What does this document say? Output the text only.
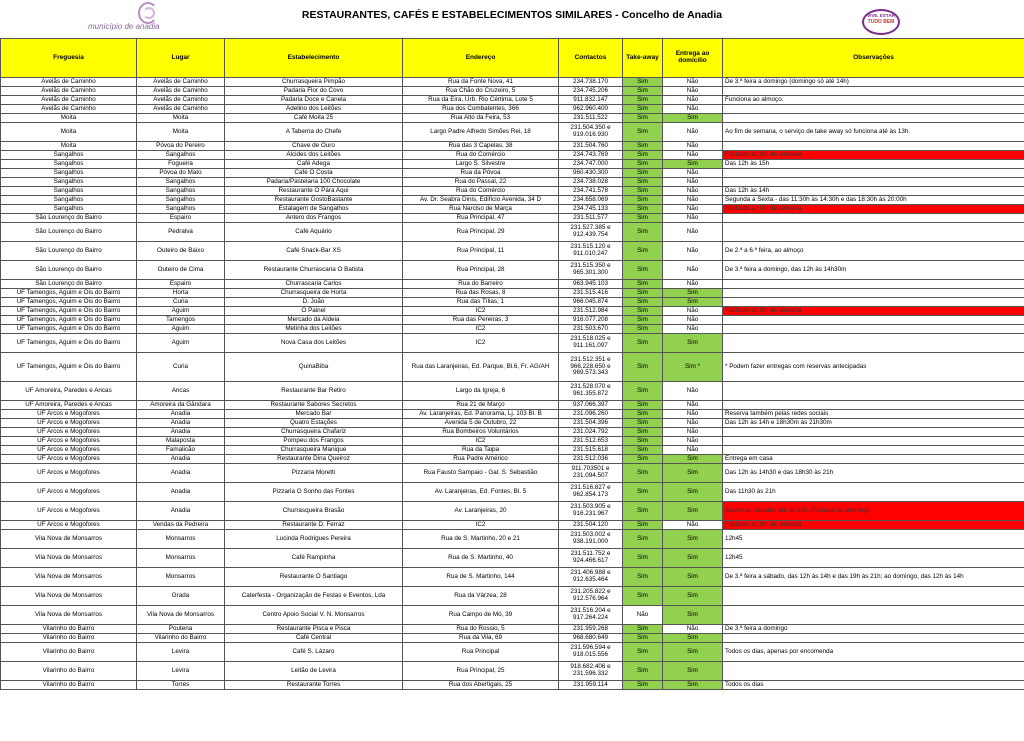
município de anadia
RESTAURANTES, CAFÉS E ESTABELECIMENTOS SIMILARES - Concelho de Anadia	VIVE, ESTAR
TUDO BEM
Freguesia	Lugar	Estabelecimento	Endereço	Contactos	Take-away	Entrega ao domicílio	Observações
Avelãs de Caminho	Avelãs de Caminho	Churrasqueira Pimpão	Rua da Fonte Nova, 41	234.738.170	Sim	Não	De 3.ª feira a domingo (domingo só até 14h)
Avelãs de Caminho	Avelãs de Caminho	Padaria Flor do Covo	Rua Chão do Cruzeiro, 5	234.745.206	Sim	Não	
Avelãs de Caminho	Avelãs de Caminho	Padaria Doce e Canela	Rua da Eira, Urb. Rio Cértima, Lote 5	911.832.147	Sim	Não	Funciona ao almoço.
Avelãs de Caminho	Avelãs de Caminho	Adelino dos Leitões	Rua dos Combatentes, 366	962.960.400	Sim	Não	
Moita	Moita	Café Moita 25	Rua Alto da Feira, 53	231.511.522	Sim	Sim	
Moita	Moita	A Taberna do Chefe	Largo Padre Alfredo Simões Rei, 18	231.504.350 e 919.016.930	Sim	Não	Ao fim de semana, o serviço de take away só funciona até às 13h.
Moita	Póvoa do Pereiro	Chave de Ouro	Rua das 3 Capelas, 38	231.504.760	Sim	Não	
Sangalhos	Sangalhos	Alcides dos Leitões	Rua do Comércio	234.743.769	Sim	Não	Fechado ao fim de semana
Sangalhos	Fogueira	Café Adega	Largo S. Silvestre	234.747.000	Sim	Sim	Das 12h às 15h
Sangalhos	Póvoa do Mato	Café O Costa	Rua da Póvoa	960.430.300	Sim	Não	
Sangalhos	Sangalhos	Padaria/Pastelaria 100 Chocolate	Rua do Passal, 22	234.738.028	Sim	Não	
Sangalhos	Sangalhos	Restaurante O Pára Aqui	Rua do Comércio	234.741.578	Sim	Não	Das 12h às 14h
Sangalhos	Sangalhos	Restaurante GostoBastante	Av. Dr. Seabra Dinis, Edifício Avenida, 34 D	234.658.069	Sim	Não	Segunda a Sexta - das 11:30h às 14:30h e das 18:30h às 20:00h
Sangalhos	Sangalhos	Estalagem de Sangalhos	Rua Narciso de Marça	234.745.133	Sim	Não	Fechado ao fim de semana
São Lourenço do Bairro	Espairo	Antero dos Frangos	Rua Principal, 47	231.511.577	Sim	Não	
São Lourenço do Bairro	Pedralva	Café Aquário	Rua Principal, 29	231.527.385 e 912.439.754	Sim	Não	
São Lourenço do Bairro	Outeiro de Baixo	Café Snack-Bar XS	Rua Principal, 11	231.515.120 e 911.010.247	Sim	Não	De 2.ª a 6.ª feira, ao almoço
São Lourenço do Bairro	Outeiro de Cima	Restaurante Churrascaria O Batista	Rua Principal, 28	231.515.350 e 965.301.300	Sim	Não	De 3.ª feira a domingo, das 12h às 14h30m
São Lourenço do Bairro	Espairo	Churrascaria Carlos	Rua do Barreiro	963.945.103	Sim	Não	
UF Tamengos, Aguim e Óis do Bairro	Horta	Churrasqueira de Horta	Rua das Rosas, 8	231.515.416	Sim	Sim	
UF Tamengos, Aguim e Óis do Bairro	Curia	D. João	Rua das Tílias, 1	966.045.874	Sim	Sim	
UF Tamengos, Aguim e Óis do Bairro	Aguim	O Painel	IC2	231.512.984	Sim	Não	Fechado ao fim de semana
UF Tamengos, Aguim e Óis do Bairro	Tamengos	Mercado da Aldeia	Rua das Pereiras, 3	916.077.208	Sim	Não	
UF Tamengos, Aguim e Óis do Bairro	Aguim	Metinha dos Leitões	IC2	231.503.670	Sim	Não	
UF Tamengos, Aguim e Óis do Bairro	Aguim	Nova Casa dos Leitões	IC2	231.518.025 e 911.161.097	Sim	Sim	
UF Tamengos, Aguim e Óis do Bairro	Curia	QuinaBiba	Rua das Laranjeiras, Ed. Parque, Bl.6, Fr. AG/AH	231.512.351 e 966.228.650 e 969.573.343	Sim	Sim *	* Podem fazer entregas com reservas antecipadas
UF Amoreira, Paredes e Ancas	Ancas	Restaurante Bar Retiro	Largo da Igreja, 6	231.528.070 e 961.355.872	Sim	Não	
UF Amoreira, Paredes e Ancas	Amoreira da Gândara	Restaurante Sabores Secretos	Rua 21 de Março	937.066.397	Sim	Não	
UF Arcos e Mogofores	Anadia	Mercado Bar	Av. Laranjeiras, Ed. Panorama, Lj. 103 Bl. B	231.096.260	Sim	Não	Reserva também pelas redes sociais
UF Arcos e Mogofores	Anadia	Quatro Estações	Avenida 5 de Outubro, 22	231.504.396	Sim	Não	Das 12h às 14h e 18h30m às 21h30m
UF Arcos e Mogofores	Anadia	Churrasqueira Chafariz	Rua Bombeiros Voluntários	231.024.792	Sim	Não	
UF Arcos e Mogofores	Malaposta	Pompeu dos Frangos	IC2	231.512.653	Sim	Não	
UF Arcos e Mogofores	Famalicão	Churrasqueira Manique	Rua da Taipa	231.515.618	Sim	Não	
UF Arcos e Mogofores	Anadia	Restaurante Dina Queiroz	Rua Padre Américo	231.512.036	Sim	Sim	Entrega em casa
UF Arcos e Mogofores	Anadia	Pizzaria Moretti	Rua Fausto Sampaio - Gal. S. Sebastião	911.703501 e 231.094.507	Sim	Sim	Das 12h às 14h30 e das 18h30 às 21h
UF Arcos e Mogofores	Anadia	Pizzaria O Sonho das Fontes	Av. Laranjeiras, Ed. Fontes, Bl. 5	231.516.827 e 962.854.173	Sim	Sim	Das 11h30 às 21h
UF Arcos e Mogofores	Anadia	Churrasqueira Brasão	Av. Laranjeiras, 20	231.503.905 e 916.231.967	Sim	Sim	Aberto ao sábado, até às 15h. Fechado ao domingo
UF Arcos e Mogofores	Vendas da Pedreira	Restaurante D. Ferraz	IC2	231.504.120	Sim	Não	Fechado ao fim de semana
Vila Nova de Monsarros	Monsarros	Lucinda Rodrigues Pereira	Rua de S. Martinho, 20 e 21	231.503.002 e 938.191.000	Sim	Sim	12h45
Vila Nova de Monsarros	Monsarros	Café Rampinha	Rua de S. Martinho, 40	231.511.752 e 924.466.617	Sim	Sim	12h45
Vila Nova de Monsarros	Monsarros	Restaurante O Santiago	Rua de S. Martinho, 144	231.406.988 e 912.635.464	Sim	Sim	De 3.ª feira a sábado, das 12h às 14h e das 19h às 21h; ao domingo, das 12h às 14h
Vila Nova de Monsarros	Grada	Caterfesta - Organização de Festas e Eventos, Lda	Rua da Várzea, 28	231.205.822 e 912.576.964	Sim	Sim	
Vila Nova de Monsarros	Vila Nova de Monsarros	Centro Apoio Social V. N. Monsarros	Rua Campo de Mó, 39	231.516.204 e 917.264.224	Não	Sim	
Vilarinho do Bairro	Poutena	Restaurante Pisca e Pisca	Rua do Rossio, 5	231.959.268	Sim	Não	De 3.ª feira a domingo
Vilarinho do Bairro	Vilarinho do Bairro	Café Central	Rua da Vila, 69	968.680.649	Sim	Sim	
Vilarinho do Bairro	Levira	Café S. Lázaro	Rua Principal	231.596.594 e 918.015.556	Sim	Sim	Todos os dias, apenas por encomenda
Vilarinho do Bairro	Levira	Leitão de Levira	Rua Principal, 25	918.682.406 e 231.596.332	Sim	Sim	
Vilarinho do Bairro	Torres	Restaurante Torres	Rua dos Abertigais, 25	231.959.114	Sim	Sim	Todos os dias
